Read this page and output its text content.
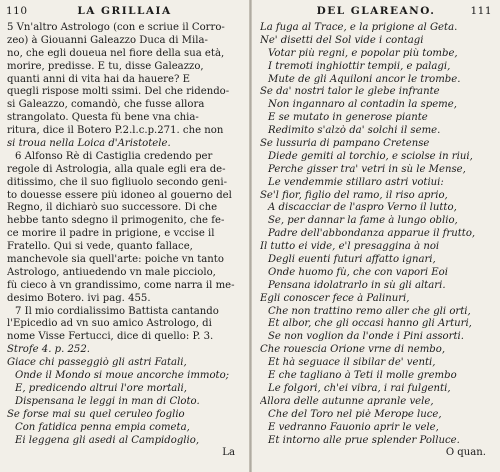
110	LA GRILLAIA
5 Vn'altro Astrologo (con e scriue il Corro-
zeo) à Giouanni Galeazzo Duca di Mila-
no, che egli doueua nel fiore della sua età,
morire, predisse. E tu, disse Galeazzo,
quanti anni di vita hai da hauere? E
quegli rispose molti ssimi. Del che ridendo-
si Galeazzo, comandò, che fusse allora
strangolato. Questa fù bene vna chia-
ritura, dice il Botero P.2.l.c.p.271. che non
si troua nella Loica d'Aristotele.
6 Alfonso Rè di Castiglia credendo per
regole di Astrologia, alla quale egli era de-
ditissimo, che il suo figliuolo secondo geni-
to douesse essere più idoneo al gouerno del
Regno, il dichiarò suo successore. Di che
hebbe tanto sdegno il primogenito, che fe-
ce morire il padre in prigione, e vccise il
Fratello. Qui si vede, quanto fallace,
manchevole sia quell'arte: poiche vn tanto
Astrologo, antiuedendo vn male picciolo,
fù cieco à vn grandissimo, come narra il me-
desimo Botero. ivi pag. 455.
7 Il mio cordialissimo Battista cantando
l'Epicedio ad vn suo amico Astrologo, di
nome Visse Fertucci, dice di quello: P. 3.
Strofe 4. p. 252.
Giace chi passeggiò gli astri Fatali,
Onde il Mondo si moue ancorche immoto;
E, predicendo altrui l'ore mortali,
Dispensana le leggi in man di Cloto.
Se forse mai su quel ceruleo foglio
Con fatidica penna empia cometa,
Ei leggena gli asedi al Campidoglio,
La
111
DEL GLAREANO.
La fuga al Trace, e la prigione al Geta.
Ne' disetti del Sol vide i contagi
Votar più regni, e popolar più tombe,
I tremoti inghiottir tempii, e palagi,
Mute de gli Aquiloni ancor le trombe.
Se da' nostri talor le glebe infrante
Non ingannaro al contadin la speme,
E se mutato in generose piante
Redimito s'alzò da' solchi il seme.
Se lussuria di pampano Cretense
Diede gemiti al torchio, e sciolse in riui,
Perche gisser tra' vetri in sù le Mense,
Le vendemmie stillaro astri votiui:
Se'l fior, figlio del ramo, il riso aprio,
A discacciar de l'aspro Verno il lutto,
Se, per dannar la fame à lungo oblio,
Padre dell'abbondanza apparue il frutto,
Il tutto ei vide, e'l presaggina à noi
Degli euenti futuri affatto ignari,
Onde huomo fù, che con vapori Eoi
Pensana idolatrarlo in sù gli altari.
Egli conoscer fece à Palinuri,
Che non trattino remo aller che gli orti,
Et albor, che gli occasi hanno gli Arturi,
Se non voglion da l'onde i Pini assorti.
Che rouescia Orione vrne di nembo,
Et hà seguace il sibilar de' venti,
E che tagliano à Teti il molle grembo
Le folgori, ch'ei vibra, i rai fulgenti,
Allora delle autunne apranle vele,
Che del Toro nel piè Merope luce,
E vedranno Fauonio aprir le vele,
Et intorno alle prue splender Polluce.
O quan.
